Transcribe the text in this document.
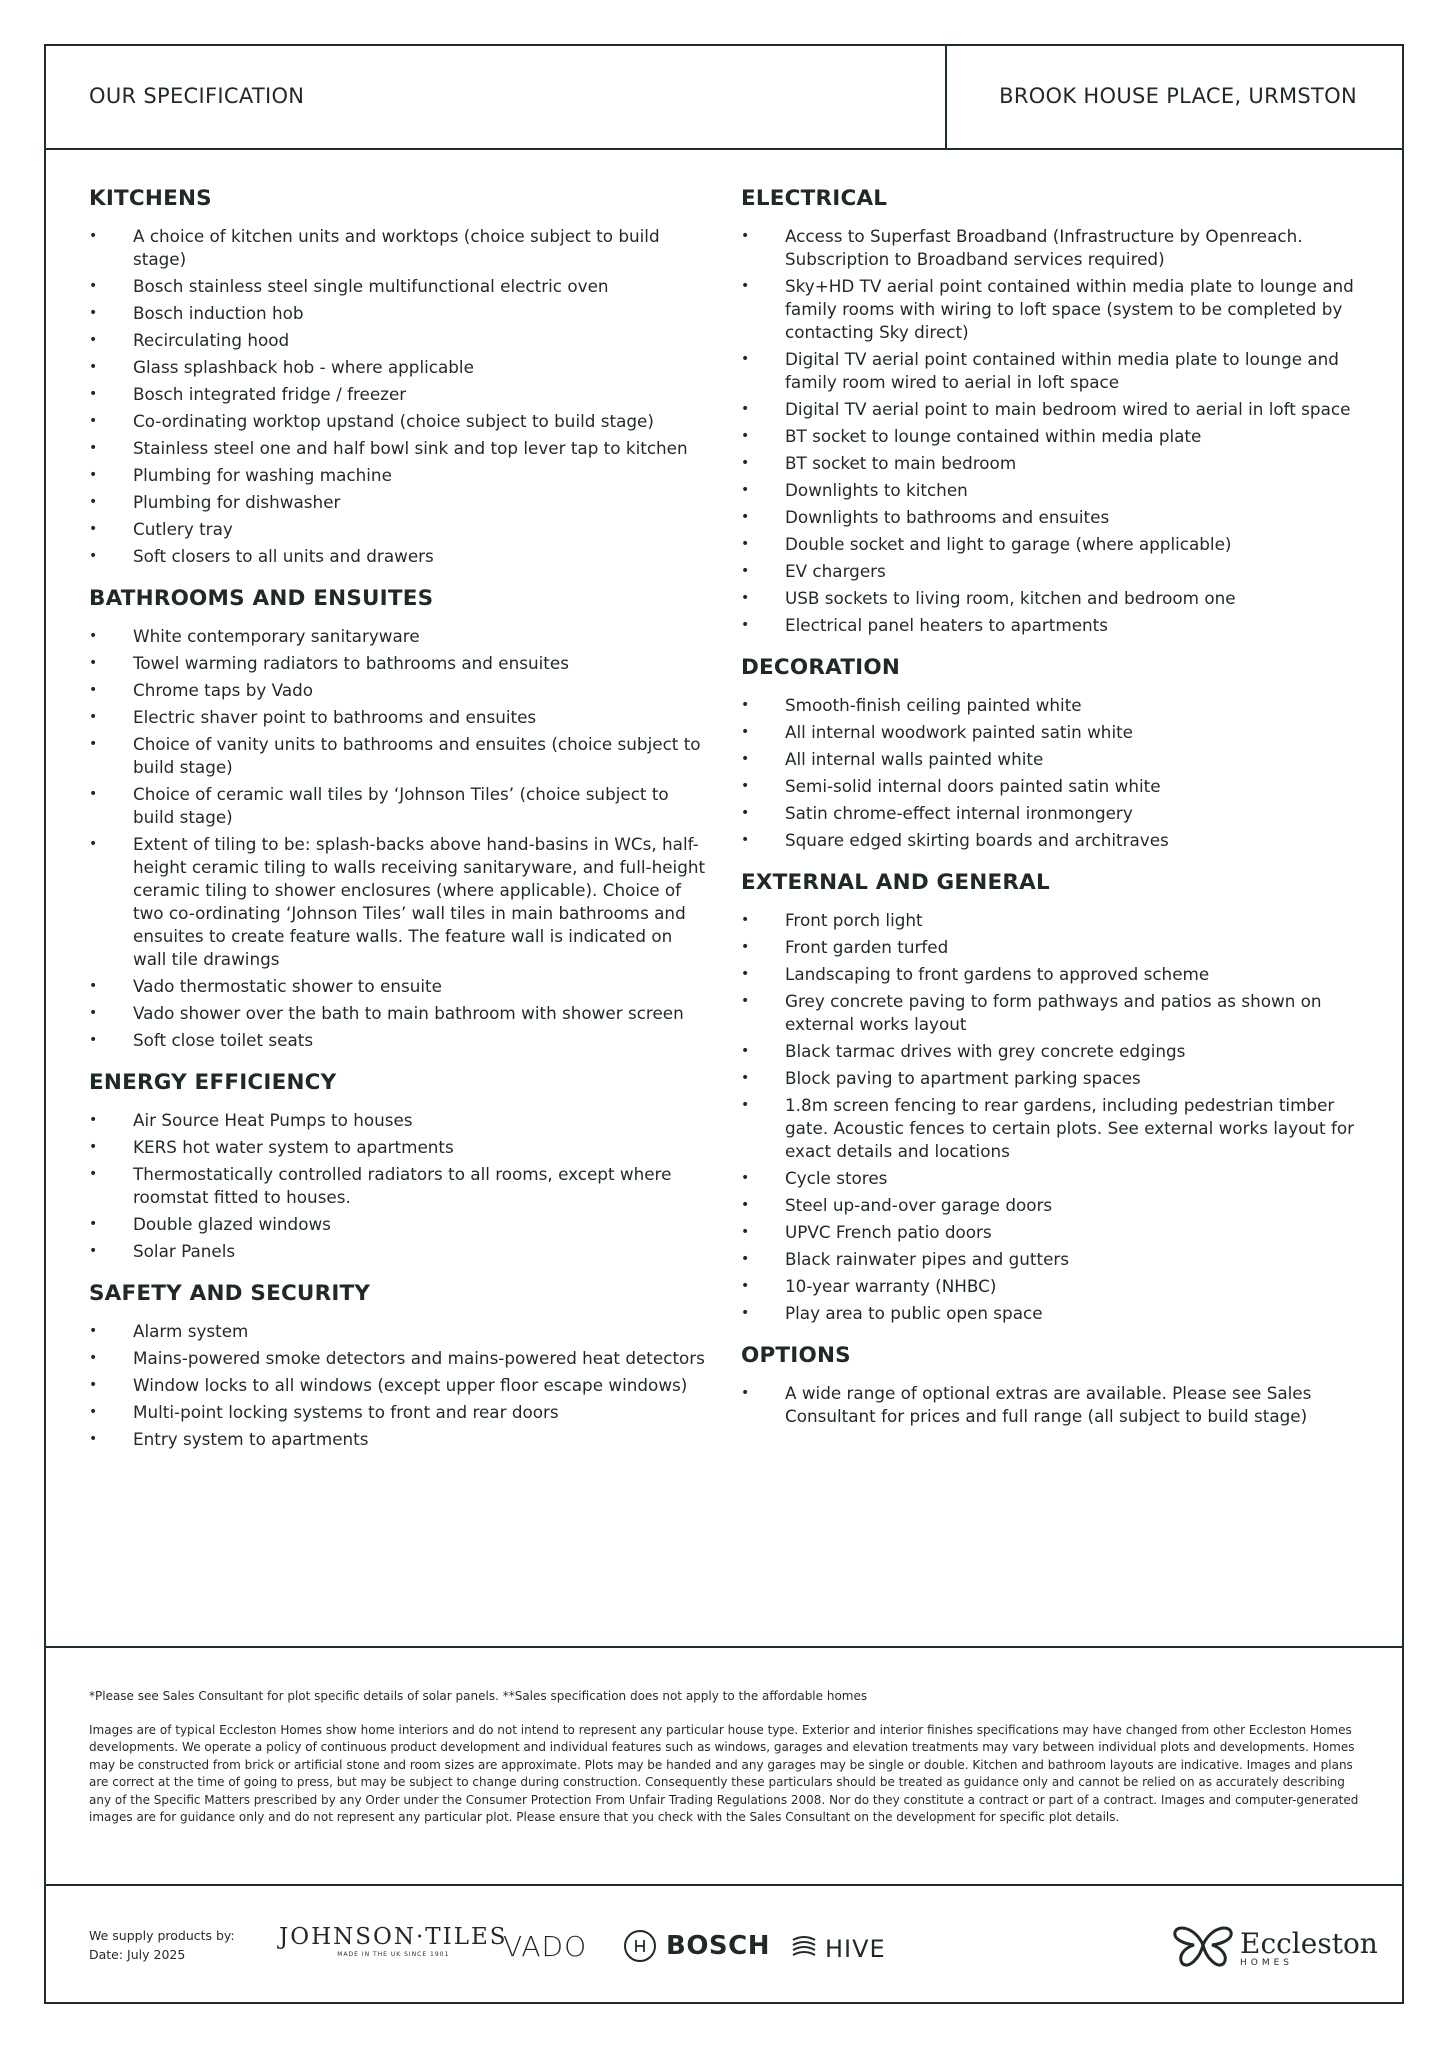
OUR SPECIFICATION	BROOK HOUSE PLACE, URMSTON
KITCHENS
• A choice of kitchen units and worktops (choice subject to build stage)
• Bosch stainless steel single multifunctional electric oven
• Bosch induction hob
• Recirculating hood
• Glass splashback hob - where applicable
• Bosch integrated fridge / freezer
• Co-ordinating worktop upstand (choice subject to build stage)
• Stainless steel one and half bowl sink and top lever tap to kitchen
• Plumbing for washing machine
• Plumbing for dishwasher
• Cutlery tray
• Soft closers to all units and drawers
BATHROOMS AND ENSUITES
• White contemporary sanitaryware
• Towel warming radiators to bathrooms and ensuites
• Chrome taps by Vado
• Electric shaver point to bathrooms and ensuites
• Choice of vanity units to bathrooms and ensuites (choice subject to build stage)
• Choice of ceramic wall tiles by ‘Johnson Tiles’ (choice subject to build stage)
• Extent of tiling to be: splash-backs above hand-basins in WCs, half-height ceramic tiling to walls receiving sanitaryware, and full-height ceramic tiling to shower enclosures (where applicable). Choice of two co-ordinating ‘Johnson Tiles’ wall tiles in main bathrooms and ensuites to create feature walls. The feature wall is indicated on wall tile drawings
• Vado thermostatic shower to ensuite
• Vado shower over the bath to main bathroom with shower screen
• Soft close toilet seats
ENERGY EFFICIENCY
• Air Source Heat Pumps to houses
• KERS hot water system to apartments
• Thermostatically controlled radiators to all rooms, except where roomstat fitted to houses.
• Double glazed windows
• Solar Panels
SAFETY AND SECURITY
• Alarm system
• Mains-powered smoke detectors and mains-powered heat detectors
• Window locks to all windows (except upper floor escape windows)
• Multi-point locking systems to front and rear doors
• Entry system to apartments
ELECTRICAL
• Access to Superfast Broadband (Infrastructure by Openreach. Subscription to Broadband services required)
• Sky+HD TV aerial point contained within media plate to lounge and family rooms with wiring to loft space (system to be completed by contacting Sky direct)
• Digital TV aerial point contained within media plate to lounge and family room wired to aerial in loft space
• Digital TV aerial point to main bedroom wired to aerial in loft space
• BT socket to lounge contained within media plate
• BT socket to main bedroom
• Downlights to kitchen
• Downlights to bathrooms and ensuites
• Double socket and light to garage (where applicable)
• EV chargers
• USB sockets to living room, kitchen and bedroom one
• Electrical panel heaters to apartments
DECORATION
• Smooth-finish ceiling painted white
• All internal woodwork painted satin white
• All internal walls painted white
• Semi-solid internal doors painted satin white
• Satin chrome-effect internal ironmongery
• Square edged skirting boards and architraves
EXTERNAL AND GENERAL
• Front porch light
• Front garden turfed
• Landscaping to front gardens to approved scheme
• Grey concrete paving to form pathways and patios as shown on external works layout
• Black tarmac drives with grey concrete edgings
• Block paving to apartment parking spaces
• 1.8m screen fencing to rear gardens, including pedestrian timber gate. Acoustic fences to certain plots. See external works layout for exact details and locations
• Cycle stores
• Steel up-and-over garage doors
• UPVC French patio doors
• Black rainwater pipes and gutters
• 10-year warranty (NHBC)
• Play area to public open space
OPTIONS
• A wide range of optional extras are available. Please see Sales Consultant for prices and full range (all subject to build stage)
*Please see Sales Consultant for plot specific details of solar panels. **Sales specification does not apply to the affordable homes
Images are of typical Eccleston Homes show home interiors and do not intend to represent any particular house type. Exterior and interior finishes specifications may have changed from other Eccleston Homes developments. We operate a policy of continuous product development and individual features such as windows, garages and elevation treatments may vary between individual plots and developments. Homes may be constructed from brick or artificial stone and room sizes are approximate. Plots may be handed and any garages may be single or double. Kitchen and bathroom layouts are indicative. Images and plans are correct at the time of going to press, but may be subject to change during construction. Consequently these particulars should be treated as guidance only and cannot be relied on as accurately describing any of the Specific Matters prescribed by any Order under the Consumer Protection From Unfair Trading Regulations 2008. Nor do they constitute a contract or part of a contract. Images and computer-generated images are for guidance only and do not represent any particular plot. Please ensure that you check with the Sales Consultant on the development for specific plot details.
We supply products by:
Date: July 2025
JOHNSON·TILES
MADE IN THE UK SINCE 1901 VADO	BOSCH HIVE	Eccleston
HOMES
